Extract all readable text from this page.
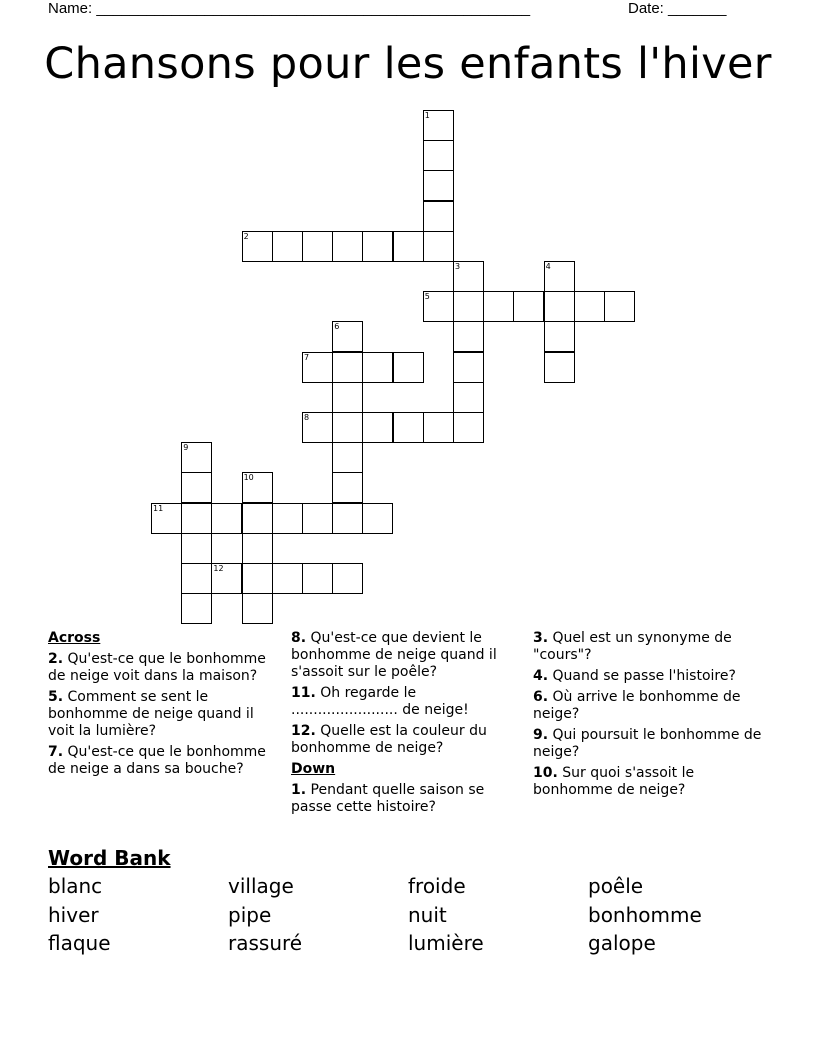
Name: ____________________________________________________	Date: _______
Chansons pour les enfants l'hiver
1
2
3	4
5
6
7
8
9
10
11
12
Across
2. Qu'est-ce que le bonhomme de neige voit dans la maison?
5. Comment se sent le bonhomme de neige quand il voit la lumière?
7. Qu'est-ce que le bonhomme de neige a dans sa bouche?
8. Qu'est-ce que devient le bonhomme de neige quand il s'assoit sur le poêle?
11. Oh regarde le ........................ de neige!
12. Quelle est la couleur du bonhomme de neige?
Down
1. Pendant quelle saison se passe cette histoire?
3. Quel est un synonyme de "cours"?
4. Quand se passe l'histoire?
6. Où arrive le bonhomme de neige?
9. Qui poursuit le bonhomme de neige?
10. Sur quoi s'assoit le bonhomme de neige?
Word Bank
blanc	village	froide	poêle
hiver	pipe	nuit	bonhomme
flaque	rassuré	lumière	galope
